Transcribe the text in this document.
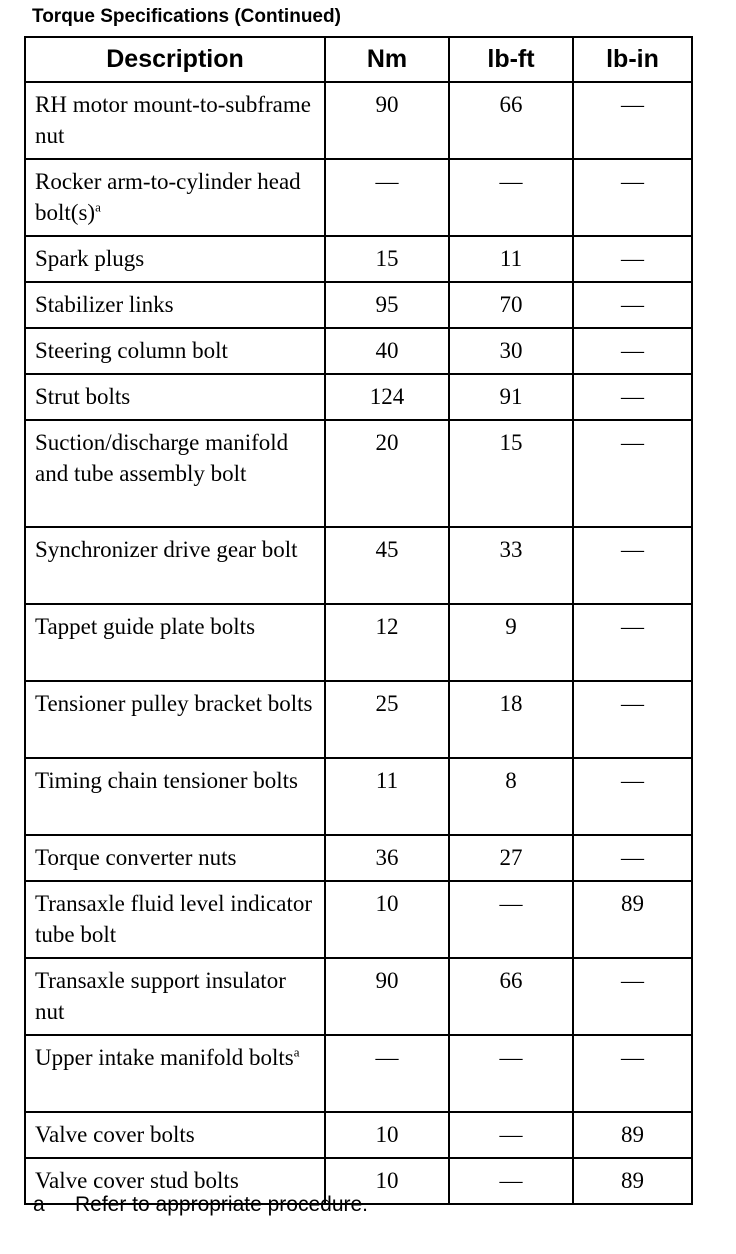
Torque Specifications (Continued)
Description	Nm	lb-ft	lb-in
RH motor mount-to-subframe nut	90	66	—
Rocker arm-to-cylinder head $bolt(s)^a$	—	—	—
Spark plugs	15	11	—
Stabilizer links	95	70	—
Steering column bolt	40	30	—
Strut bolts	124	91	—
Suction/discharge manifold and tube assembly bolt	20	15	—
Synchronizer drive gear bolt	45	33	—
Tappet guide plate bolts	12	9	—
Tensioner pulley bracket bolts	25	18	—
Timing chain tensioner bolts	11	8	—
Torque converter nuts	36	27	—
Transaxle fluid level indicator tube bolt	10	—	89
Transaxle support insulator nut	90	66	—
Upper intake manifold bolts$^a$	—	—	—
Valve cover bolts	10	—	89
Valve cover stud bolts	10	—	89
a Refer to appropriate procedure.
